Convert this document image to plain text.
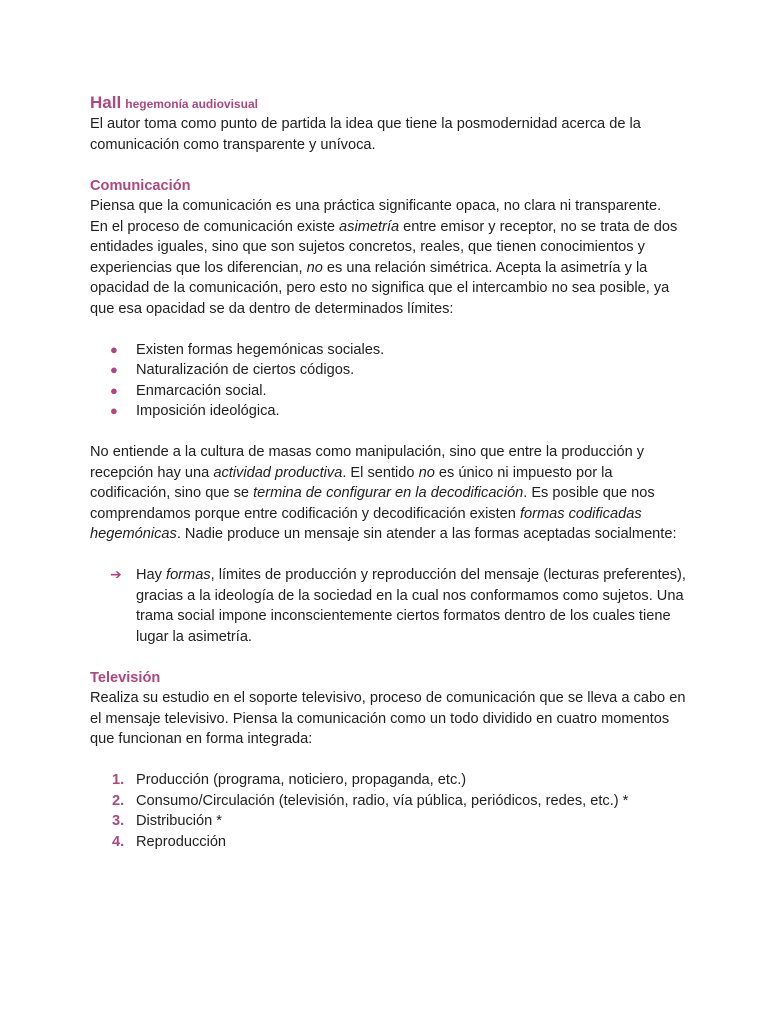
Hall hegemonía audiovisual

El autor toma como punto de partida la idea que tiene la posmodernidad acerca de la comunicación como transparente y unívoca.

Comunicación

Piensa que la comunicación es una práctica significante opaca, no clara ni transparente.

En el proceso de comunicación existe asimetría entre emisor y receptor, no se trata de dos entidades iguales, sino que son sujetos concretos, reales, que tienen conocimientos y experiencias que los diferencian, no es una relación simétrica. Acepta la asimetría y la opacidad de la comunicación, pero esto no significa que el intercambio no sea posible, ya que esa opacidad se da dentro de determinados límites:

● Existen formas hegemónicas sociales.
● Naturalización de ciertos códigos.
● Enmarcación social.
● Imposición ideológica.

No entiende a la cultura de masas como manipulación, sino que entre la producción y recepción hay una actividad productiva. El sentido no es único ni impuesto por la codificación, sino que se termina de configurar en la decodificación. Es posible que nos comprendamos porque entre codificación y decodificación existen formas codificadas hegemónicas. Nadie produce un mensaje sin atender a las formas aceptadas socialmente:

➔ Hay formas, límites de producción y reproducción del mensaje (lecturas preferentes), gracias a la ideología de la sociedad en la cual nos conformamos como sujetos. Una trama social impone inconscientemente ciertos formatos dentro de los cuales tiene lugar la asimetría.
Televisión

Realiza su estudio en el soporte televisivo, proceso de comunicación que se lleva a cabo en el mensaje televisivo. Piensa la comunicación como un todo dividido en cuatro momentos que funcionan en forma integrada:

1. Producción (programa, noticiero, propaganda, etc.)
2. Consumo/Circulación (televisión, radio, vía pública, periódicos, redes, etc.) *
3. Distribución *
4. Reproducción
